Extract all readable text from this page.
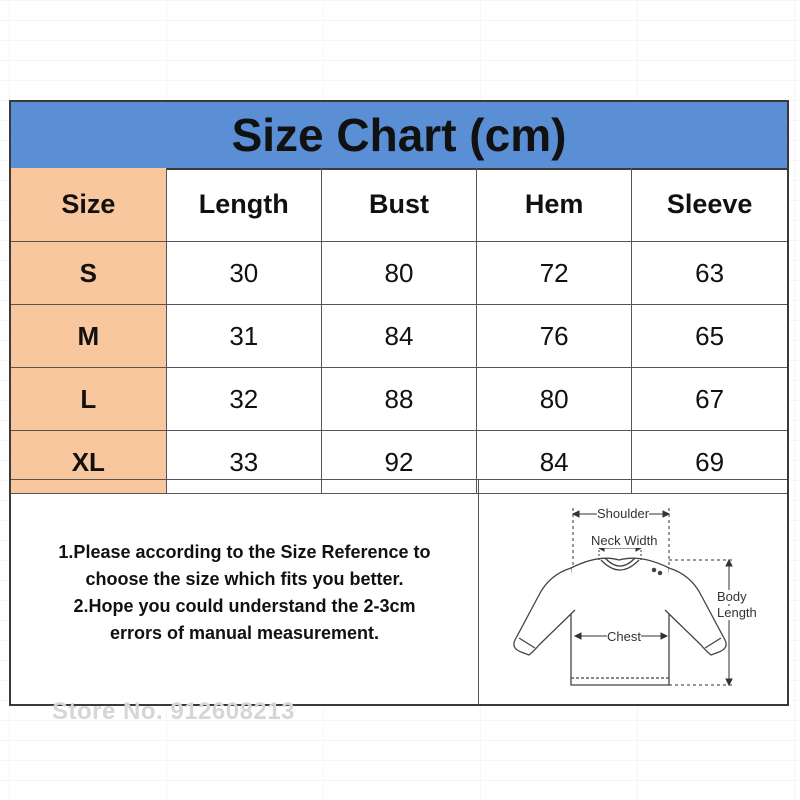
Size Chart (cm)
Size	Length	Bust	Hem	Sleeve
S	30	80	72	63
M	31	84	76	65
L	32	88	80	67
XL	33	92	84	69
1.Please according to the Size Reference to
choose the size which fits you better.
2.Hope you could understand the 2-3cm
errors of manual measurement.
Shoulder
Neck Width
Body
Length
Chest
Store No. 912608213
